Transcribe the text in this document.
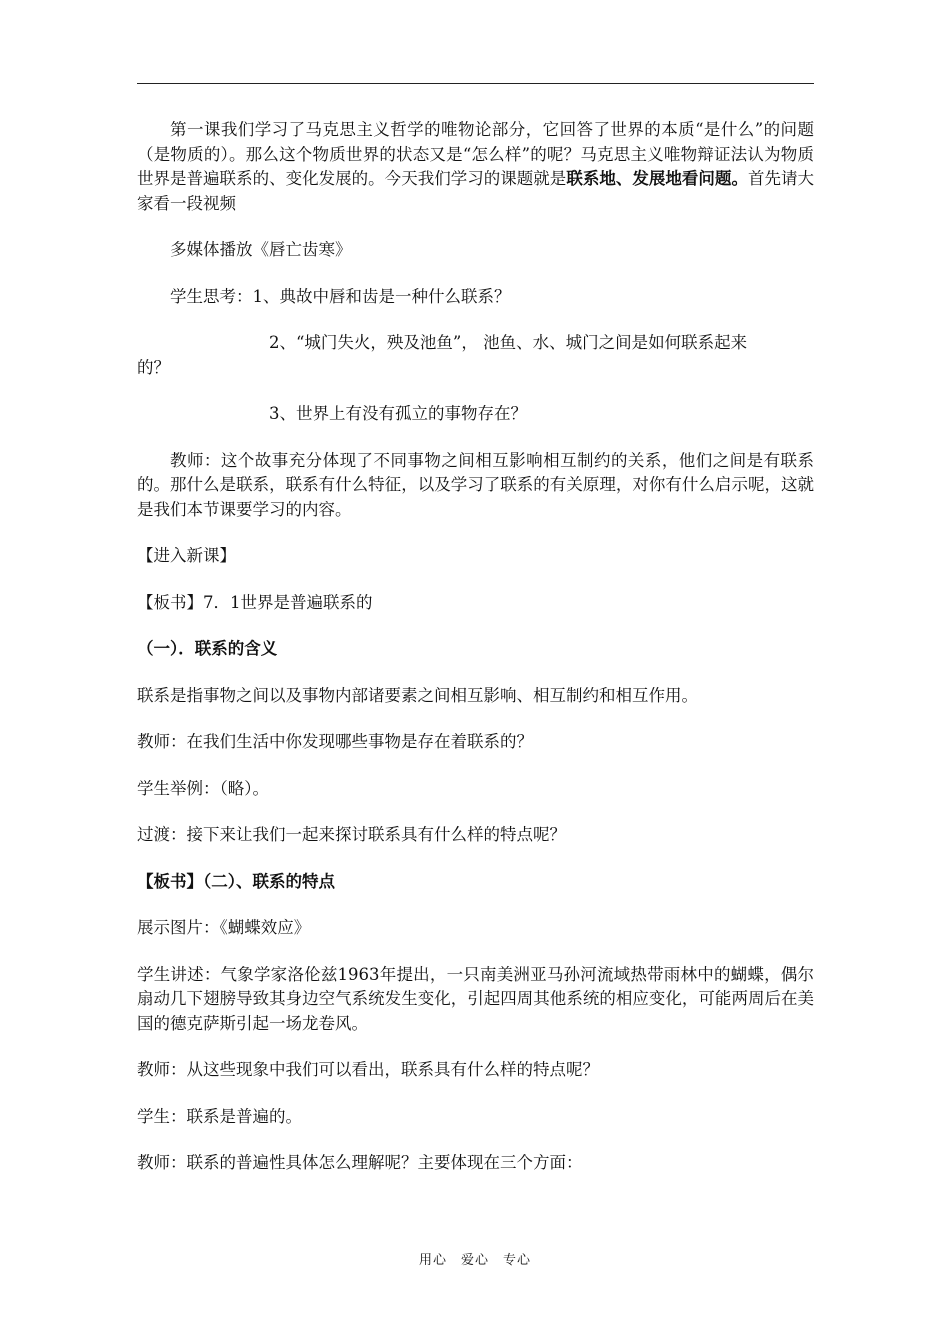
第一课我们学习了马克思主义哲学的唯物论部分，它回答了世界的本质“是什么”的问题（是物质的）。那么这个物质世界的状态又是“怎么样”的呢？马克思主义唯物辩证法认为物质世界是普遍联系的、变化发展的。今天我们学习的课题就是联系地、发展地看问题。首先请大家看一段视频

多媒体播放《唇亡齿寒》

学生思考：1、典故中唇和齿是一种什么联系？

2、“城门失火，殃及池鱼”， 池鱼、水、城门之间是如何联系起来
的？

3、世界上有没有孤立的事物存在？

教师：这个故事充分体现了不同事物之间相互影响相互制约的关系，他们之间是有联系的。那什么是联系，联系有什么特征，以及学习了联系的有关原理，对你有什么启示呢，这就是我们本节课要学习的内容。

【进入新课】

【板书】7．1世界是普遍联系的

（一）．联系的含义

联系是指事物之间以及事物内部诸要素之间相互影响、相互制约和相互作用。

教师：在我们生活中你发现哪些事物是存在着联系的？

学生举例：（略）。

过渡：接下来让我们一起来探讨联系具有什么样的特点呢？

【板书】（二）、联系的特点

展示图片：《蝴蝶效应》

学生讲述：气象学家洛伦兹1963年提出，一只南美洲亚马孙河流域热带雨林中的蝴蝶，偶尔扇动几下翅膀导致其身边空气系统发生变化，引起四周其他系统的相应变化，可能两周后在美国的德克萨斯引起一场龙卷风。

教师：从这些现象中我们可以看出，联系具有什么样的特点呢？

学生：联系是普遍的。

教师：联系的普遍性具体怎么理解呢？主要体现在三个方面：

用心　爱心　专心
